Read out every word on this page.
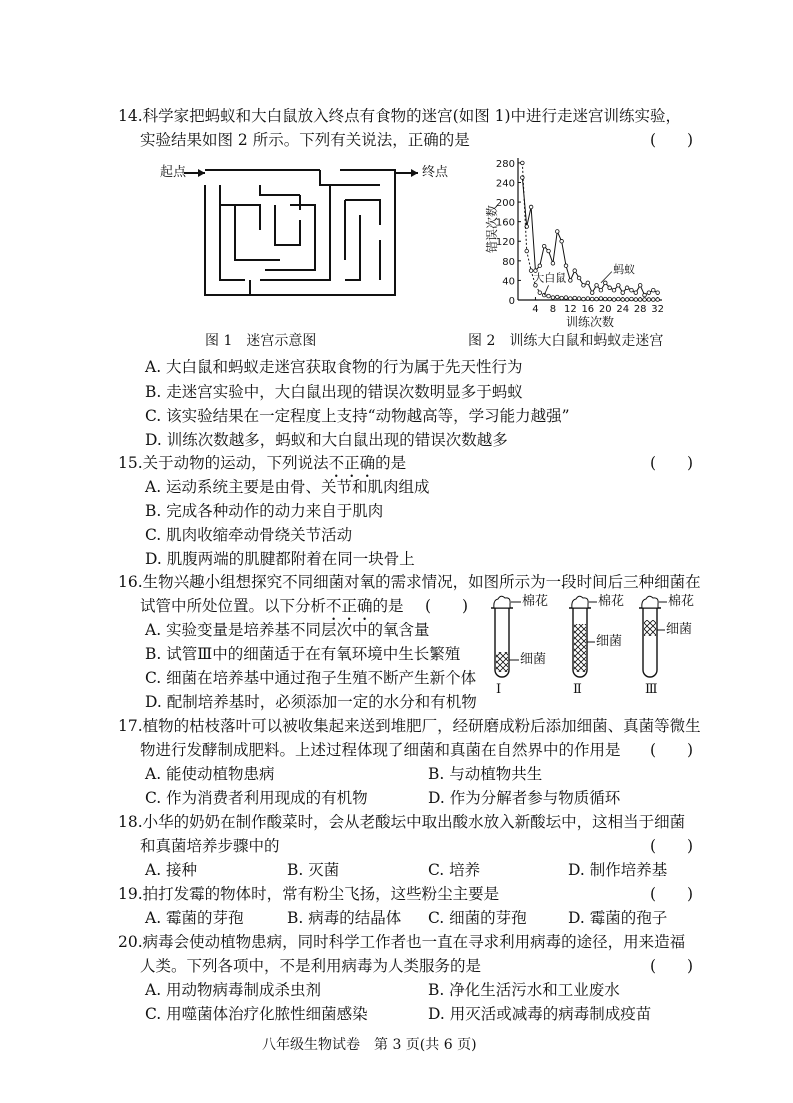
14.科学家把蚂蚁和大白鼠放入终点有食物的迷宫(如图 1)中进行走迷宫训练实验，
实验结果如图 2 所示。下列有关说法，正确的是	(　　)
起点	终点
0
40
80
120
160
200
240
280
4 8 12 16 20 24 28 32
训练次数
错误次数
蚂蚁
大白鼠
图 1　迷宫示意图	图 2　训练大白鼠和蚂蚁走迷宫
A. 大白鼠和蚂蚁走迷宫获取食物的行为属于先天性行为
B. 走迷宫实验中，大白鼠出现的错误次数明显多于蚂蚁
C. 该实验结果在一定程度上支持“动物越高等，学习能力越强”
D. 训练次数越多，蚂蚁和大白鼠出现的错误次数越多
15.关于动物的运动，下列说法不正确的是	(　　)
A. 运动系统主要是由骨、关节和肌肉组成
B. 完成各种动作的动力来自于肌肉
C. 肌肉收缩牵动骨绕关节活动
D. 肌腹两端的肌腱都附着在同一块骨上
16.生物兴趣小组想探究不同细菌对氧的需求情况，如图所示为一段时间后三种细菌在
试管中所处位置。以下分析不正确的是 (　　)
A. 实验变量是培养基不同层次中的氧含量
B. 试管Ⅲ中的细菌适于在有氧环境中生长繁殖
C. 细菌在培养基中通过孢子生殖不断产生新个体
D. 配制培养基时，必须添加一定的水分和有机物
棉花	棉花	棉花
细菌
细菌
细菌
Ⅰ	Ⅱ	Ⅲ
17.植物的枯枝落叶可以被收集起来送到堆肥厂，经研磨成粉后添加细菌、真菌等微生
物进行发酵制成肥料。上述过程体现了细菌和真菌在自然界中的作用是 (　　)
A. 能使动植物患病	B. 与动植物共生
C. 作为消费者利用现成的有机物	D. 作为分解者参与物质循环
18.小华的奶奶在制作酸菜时，会从老酸坛中取出酸水放入新酸坛中，这相当于细菌
和真菌培养步骤中的	(　　)
A. 接种	B. 灭菌	C. 培养	D. 制作培养基
19.拍打发霉的物体时，常有粉尘飞扬，这些粉尘主要是	(　　)
A. 霉菌的芽孢	B. 病毒的结晶体 C. 细菌的芽孢	D. 霉菌的孢子
20.病毒会使动植物患病，同时科学工作者也一直在寻求利用病毒的途径，用来造福
人类。下列各项中，不是利用病毒为人类服务的是	(　　)
A. 用动物病毒制成杀虫剂	B. 净化生活污水和工业废水
C. 用噬菌体治疗化脓性细菌感染	D. 用灭活或减毒的病毒制成疫苗
八年级生物试卷　第 3 页(共 6 页)
